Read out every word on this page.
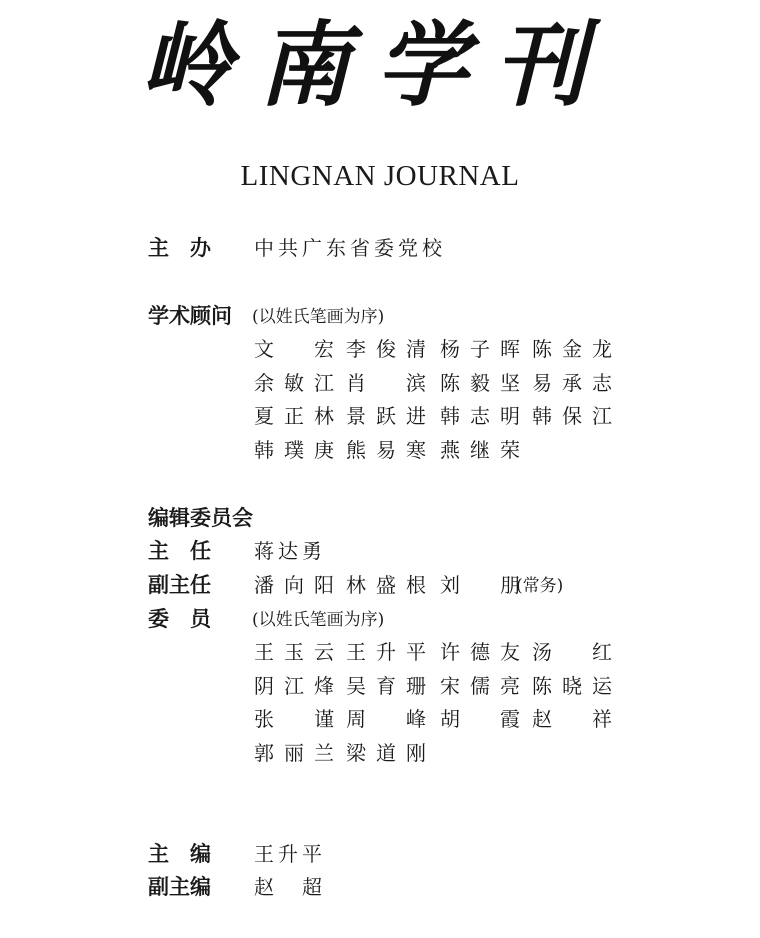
岭南学刊
LINGNAN JOURNAL
主　办 中共广东省委党校
学术顾问 (以姓氏笔画为序)
文 宏 李 俊 清 杨 子 晖 陈 金 龙
余 敏 江 肖 滨 陈 毅 坚 易 承 志
夏 正 林 景 跃 进 韩 志 明 韩 保 江
韩 璞 庚 熊 易 寒 燕 继 荣
编辑委员会
主　任 蒋达勇
副主任 潘 向 阳 林 盛 根 刘 朋
(常务)
委　员 (以姓氏笔画为序)
王 玉 云 王 升 平 许 德 友 汤 红
阴 江 烽 吴 育 珊 宋 儒 亮 陈 晓 运
张 谨 周 峰 胡 霞 赵 祥
郭 丽 兰 梁 道 刚
主　编 王升平
副主编 赵　超
